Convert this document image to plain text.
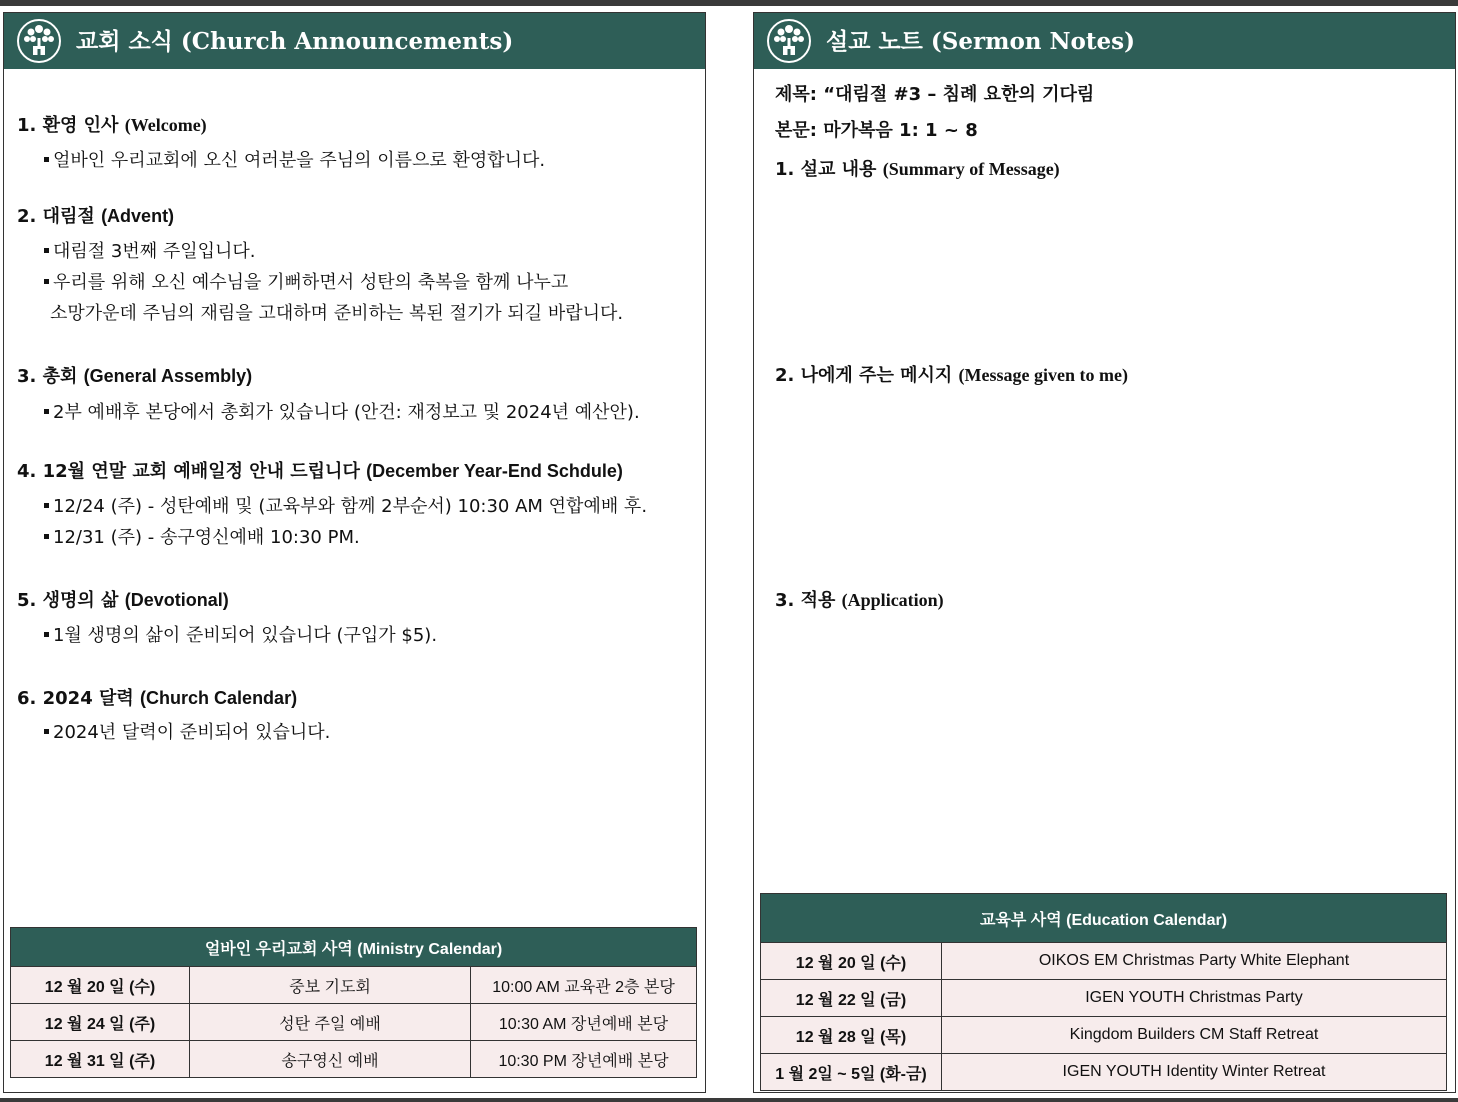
교회 소식 (Church Announcements)
1. 환영 인사 (Welcome)
얼바인 우리교회에 오신 여러분을 주님의 이름으로 환영합니다.
2. 대림절 (Advent)
대림절 3번째 주일입니다.
우리를 위해 오신 예수님을 기뻐하면서 성탄의 축복을 함께 나누고
소망가운데 주님의 재림을 고대하며 준비하는 복된 절기가 되길 바랍니다.
3. 총회 (General Assembly)
2부 예배후 본당에서 총회가 있습니다 (안건: 재정보고 및 2024년 예산안).
4. 12월 연말 교회 예배일정 안내 드립니다 (December Year-End Schdule)
12/24 (주) - 성탄예배 및 (교육부와 함께 2부순서) 10:30 AM 연합예배 후.
12/31 (주) - 송구영신예배 10:30 PM.
5. 생명의 삶 (Devotional)
1월 생명의 삶이 준비되어 있습니다 (구입가 $5).
6. 2024 달력 (Church Calendar)
2024년 달력이 준비되어 있습니다.
얼바인 우리교회 사역 (Ministry Calendar)		
12 월 20 일 (수)	중보 기도회	10:00 AM 교육관 2층 본당
12 월 24 일 (주)	성탄 주일 예배	10:30 AM 장년예배 본당
12 월 31 일 (주)	송구영신 예배	10:30 PM 장년예배 본당
설교 노트 (Sermon Notes)
제목: “대림절 #3 – 침례 요한의 기다림
본문: 마가복음 1: 1 ~ 8
1. 설교 내용 (Summary of Message)
2. 나에게 주는 메시지 (Message given to me)
3. 적용 (Application)
교육부 사역 (Education Calendar)	
12 월 20 일 (수)	OIKOS EM Christmas Party White Elephant
12 월 22 일 (금)	IGEN YOUTH Christmas Party
12 월 28 일 (목)	Kingdom Builders CM Staff Retreat
1 월 2일 ~ 5일 (화-금)	IGEN YOUTH Identity Winter Retreat
